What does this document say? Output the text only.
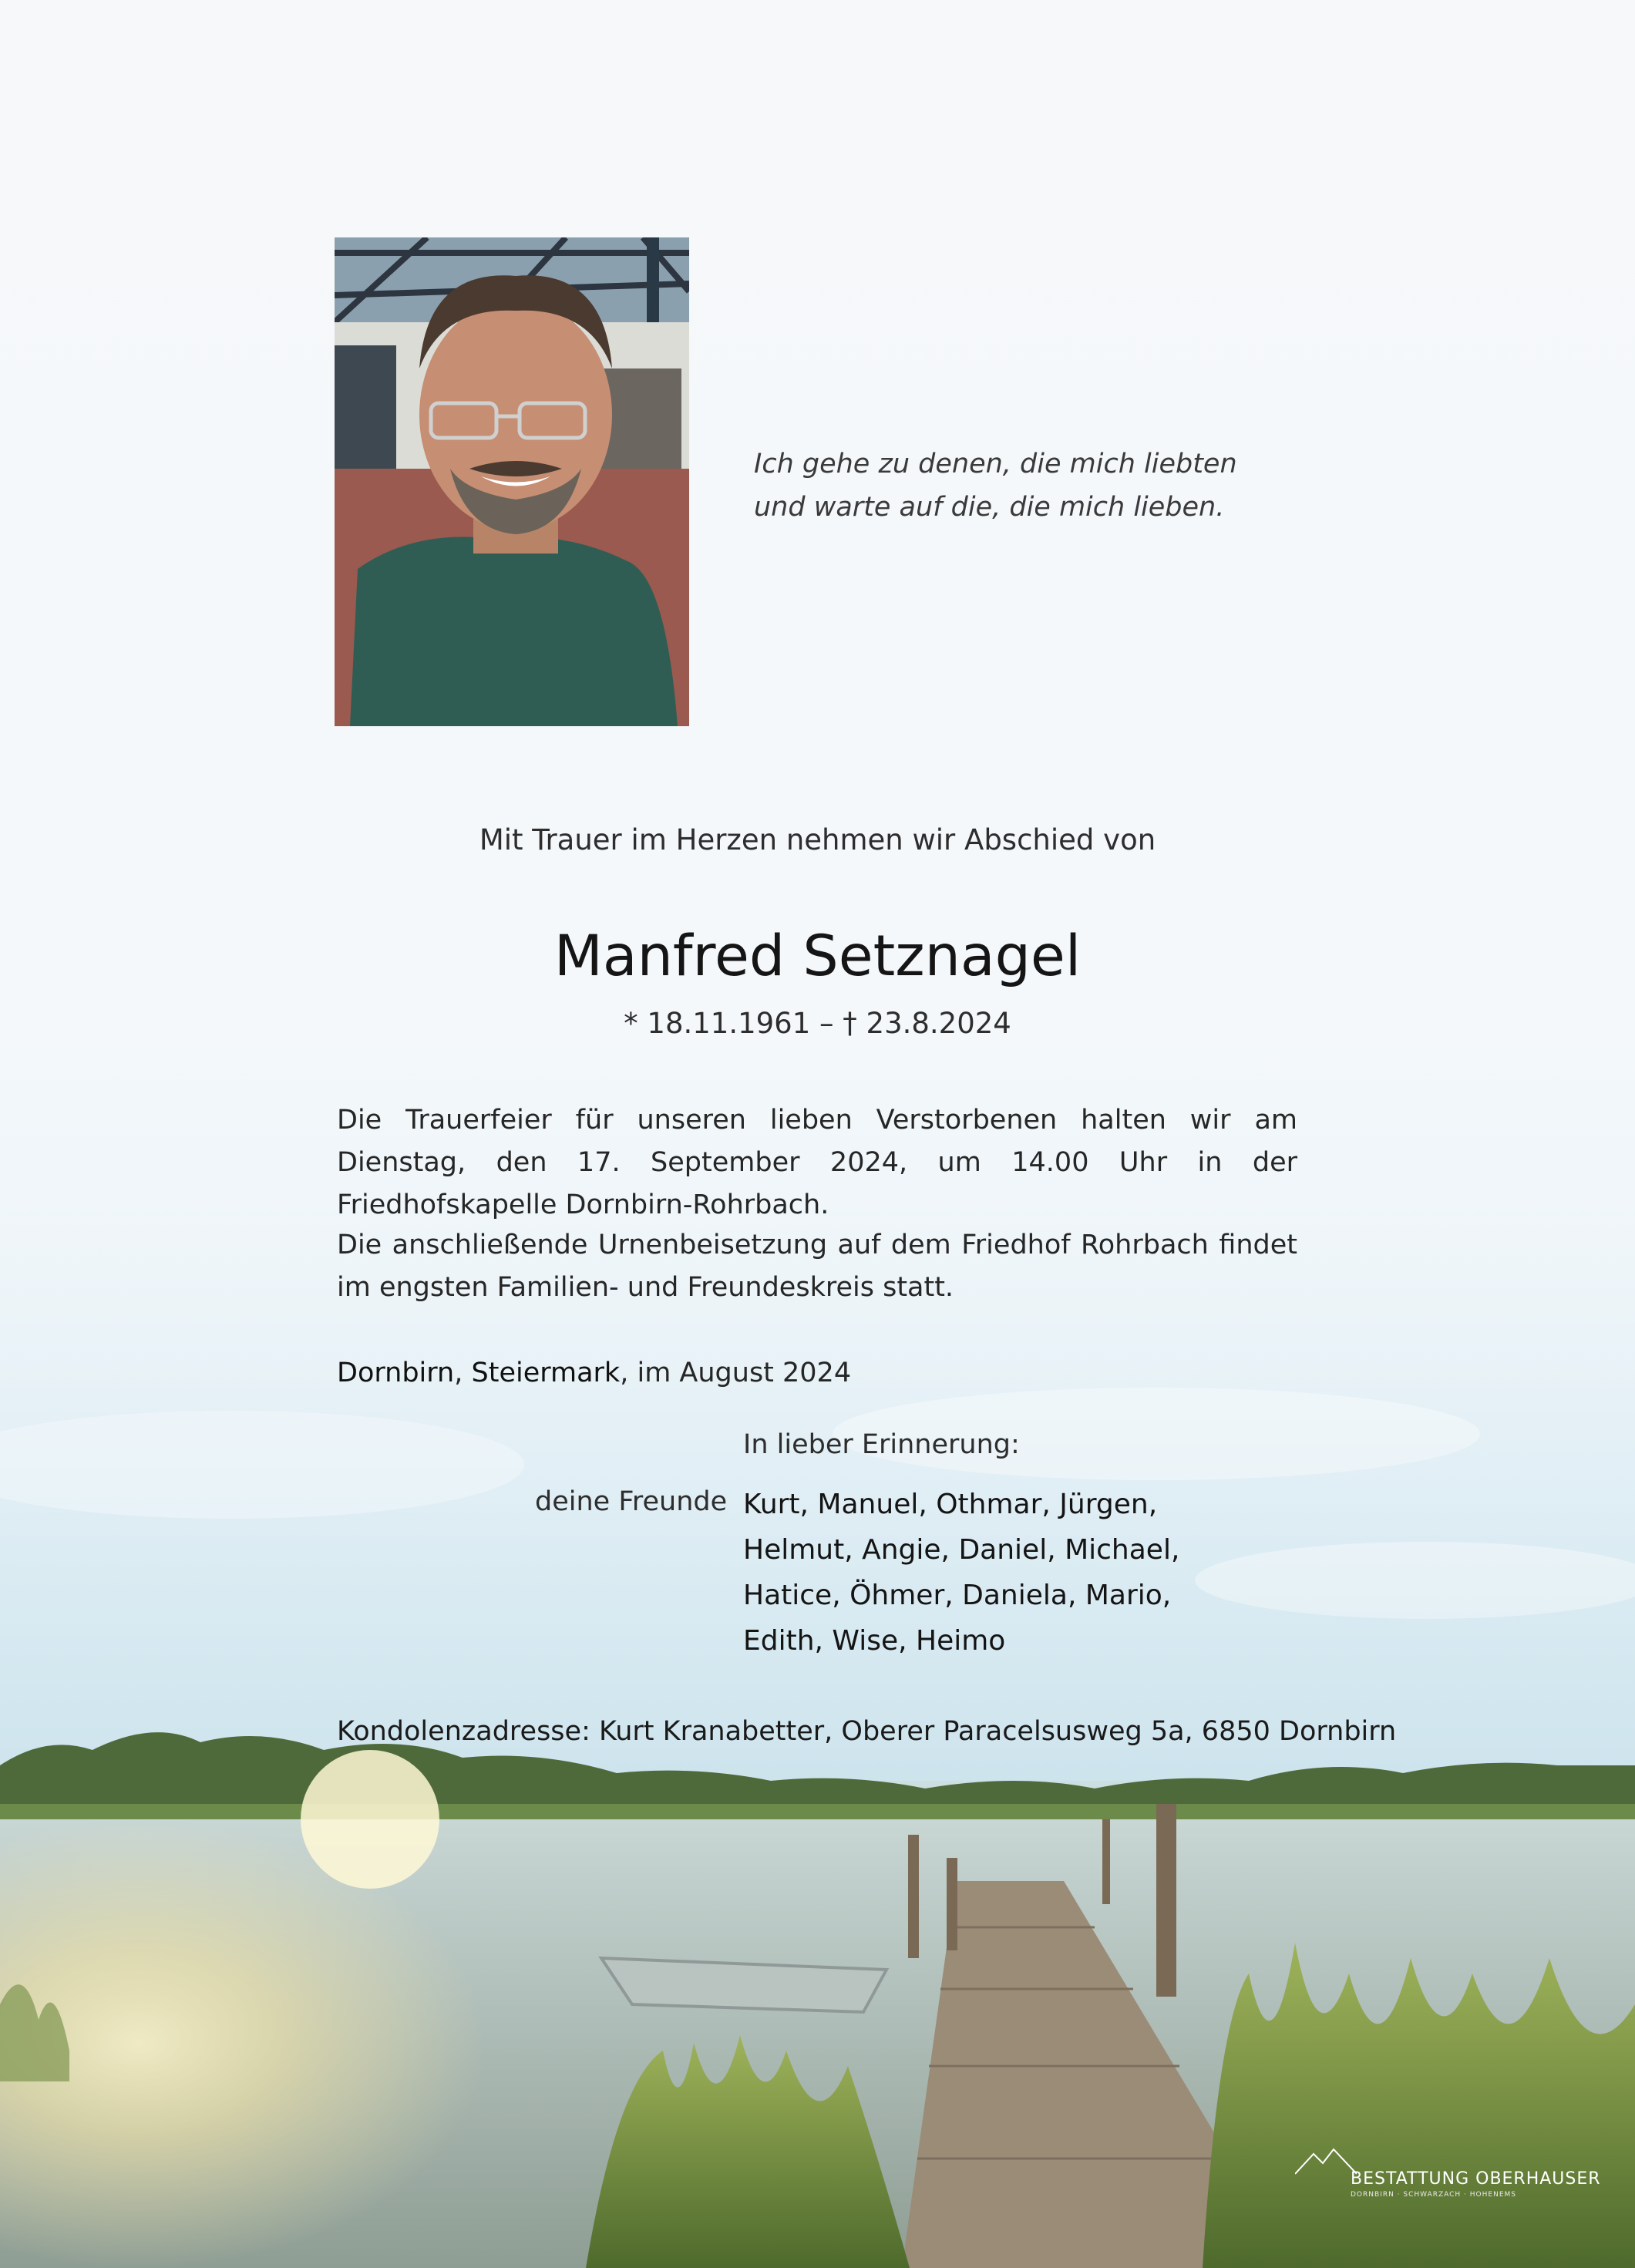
Ich gehe zu denen, die mich liebten

und warte auf die, die mich lieben.

Mit Trauer im Herzen nehmen wir Abschied von
Manfred Setznagel
* 18.11.1961 – † 23.8.2024

Die Trauerfeier für unseren lieben Verstorbenen halten wir am Dienstag, den 17. September 2024, um 14.00 Uhr in der Friedhofskapelle Dornbirn-Rohrbach.

Die anschließende Urnenbeisetzung auf dem Friedhof Rohrbach findet im engsten Familien- und Freundeskreis statt.

Dornbirn, Steiermark, im August 2024

In lieber Erinnerung:
deine Freunde Kurt, Manuel, Othmar, Jürgen,
Helmut, Angie, Daniel, Michael,
Hatice, Öhmer, Daniela, Mario,
Edith, Wise, Heimo
Kondolenzadresse: Kurt Kranabetter, Oberer Paracelsusweg 5a, 6850 Dornbirn
BESTATTUNG OBERHAUSER
DORNBIRN · SCHWARZACH · HOHENEMS
